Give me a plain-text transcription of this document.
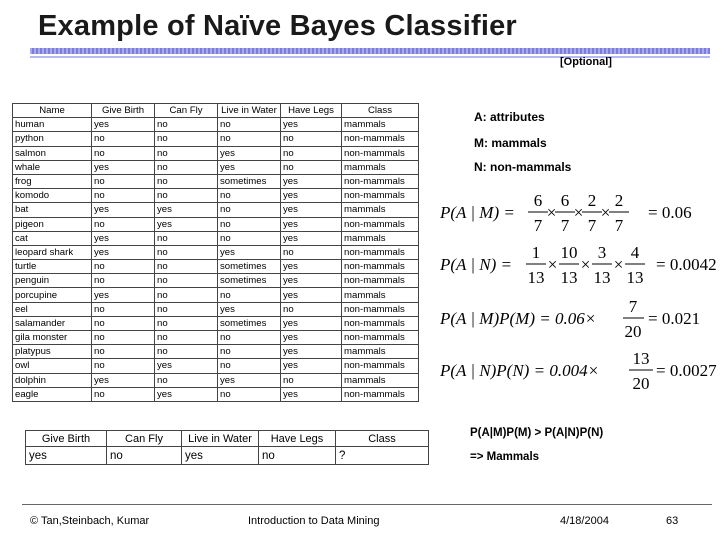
Example of Naïve Bayes Classifier
[Optional]
Name	Give Birth	Can Fly	Live in Water	Have Legs	Class
human	yes	no	no	yes	mammals
python	no	no	no	no	non-mammals
salmon	no	no	yes	no	non-mammals
whale	yes	no	yes	no	mammals
frog	no	no	sometimes	yes	non-mammals
komodo	no	no	no	yes	non-mammals
bat	yes	yes	no	yes	mammals
pigeon	no	yes	no	yes	non-mammals
cat	yes	no	no	yes	mammals
leopard shark	yes	no	yes	no	non-mammals
turtle	no	no	sometimes	yes	non-mammals
penguin	no	no	sometimes	yes	non-mammals
porcupine	yes	no	no	yes	mammals
eel	no	no	yes	no	non-mammals
salamander	no	no	sometimes	yes	non-mammals
gila monster	no	no	no	yes	non-mammals
platypus	no	no	no	yes	mammals
owl	no	yes	no	yes	non-mammals
dolphin	yes	no	yes	no	mammals
eagle	no	yes	no	yes	non-mammals
Give Birth	Can Fly	Live in Water	Have Legs	Class
yes	no	yes	no	?
A: attributes
M: mammals
N: non-mammals
P(A | M) =
6
7
×
6
7
×
2
7
×
2
7
= 0.06
P(A | N) =
1
13
×
10
13
×
3
13
×
4
13
= 0.0042
P(A | M)P(M) = 0.06×
7
20
= 0.021
P(A | N)P(N) = 0.004×
13
20
= 0.0027
P(A|M)P(M) > P(A|N)P(N)
=> Mammals
© Tan,Steinbach, Kumar	Introduction to Data Mining	4/18/2004	63
